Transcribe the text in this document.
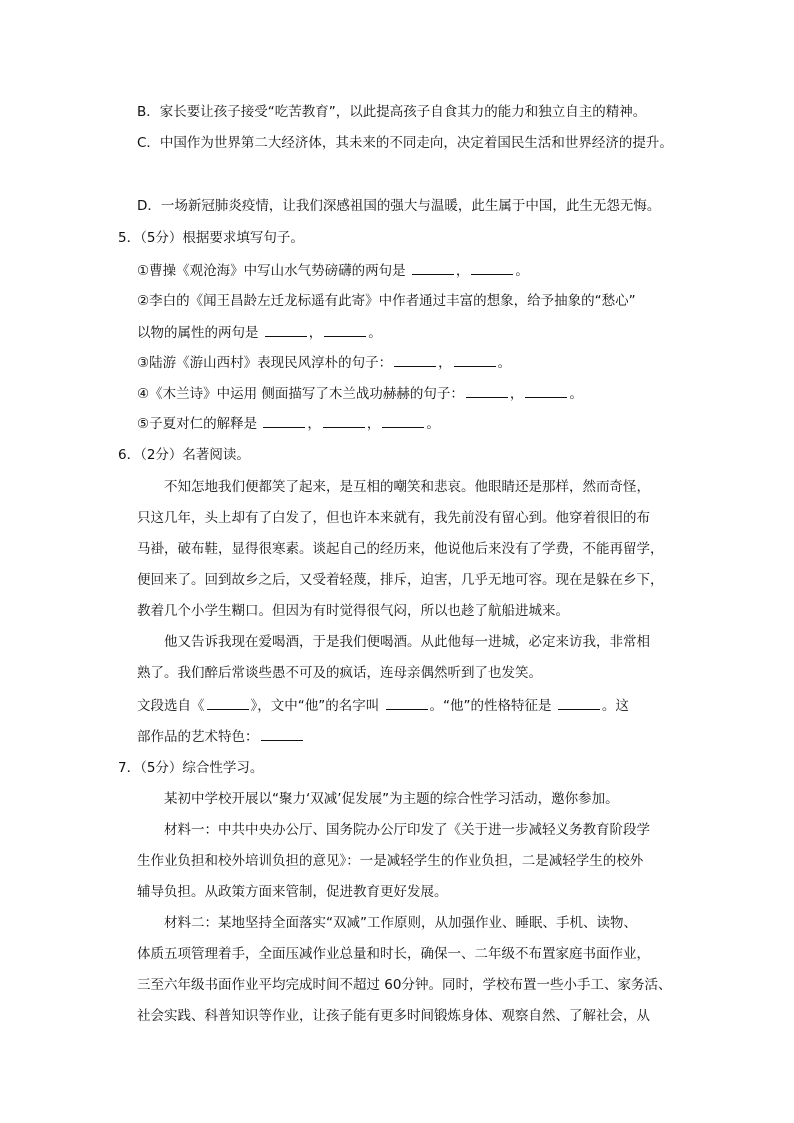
B．家长要让孩子接受“吃苦教育”，以此提高孩子自食其力的能力和独立自主的精神。
C．中国作为世界第二大经济体，其未来的不同走向，决定着国民生活和世界经济的提升。
D．一场新冠肺炎疫情，让我们深感祖国的强大与温暖，此生属于中国，此生无怨无悔。
5．（5分）根据要求填写句子。
①曹操《观沧海》中写山水气势磅礴的两句是	，	。
②李白的《闻王昌龄左迁龙标遥有此寄》中作者通过丰富的想象，给予抽象的“愁心”
以物的属性的两句是	，	。
③陆游《游山西村》表现民风淳朴的句子：	，	。
④《木兰诗》中运用 侧面描写了木兰战功赫赫的句子：	，	。
⑤子夏对仁的解释是	，	，	。
6．（2分）名著阅读。
不知怎地我们便都笑了起来，是互相的嘲笑和悲哀。他眼睛还是那样，然而奇怪，
只这几年，头上却有了白发了，但也许本来就有，我先前没有留心到。他穿着很旧的布
马褂，破布鞋，显得很寒素。谈起自己的经历来，他说他后来没有了学费，不能再留学，
便回来了。回到故乡之后，又受着轻蔑，排斥，迫害，几乎无地可容。现在是躲在乡下，
教着几个小学生糊口。但因为有时觉得很气闷，所以也趁了航船进城来。
他又告诉我现在爱喝酒，于是我们便喝酒。从此他每一进城，必定来访我，非常相
熟了。我们醉后常谈些愚不可及的疯话，连母亲偶然听到了也发笑。
文段选自《	》，文中“他”的名字叫	。“他”的性格特征是	。这
部作品的艺术特色：
7．（5分）综合性学习。
某初中学校开展以“聚力‘双减’促发展”为主题的综合性学习活动，邀你参加。
材料一：中共中央办公厅、国务院办公厅印发了《关于进一步减轻义务教育阶段学
生作业负担和校外培训负担的意见》：一是减轻学生的作业负担，二是减轻学生的校外
辅导负担。从政策方面来管制，促进教育更好发展。
材料二：某地坚持全面落实“双减”工作原则，从加强作业、睡眠、手机、读物、
体质五项管理着手，全面压减作业总量和时长，确保一、二年级不布置家庭书面作业，
三至六年级书面作业平均完成时间不超过 60分钟。同时，学校布置一些小手工、家务活、
社会实践、科普知识等作业，让孩子能有更多时间锻炼身体、观察自然、了解社会，从
